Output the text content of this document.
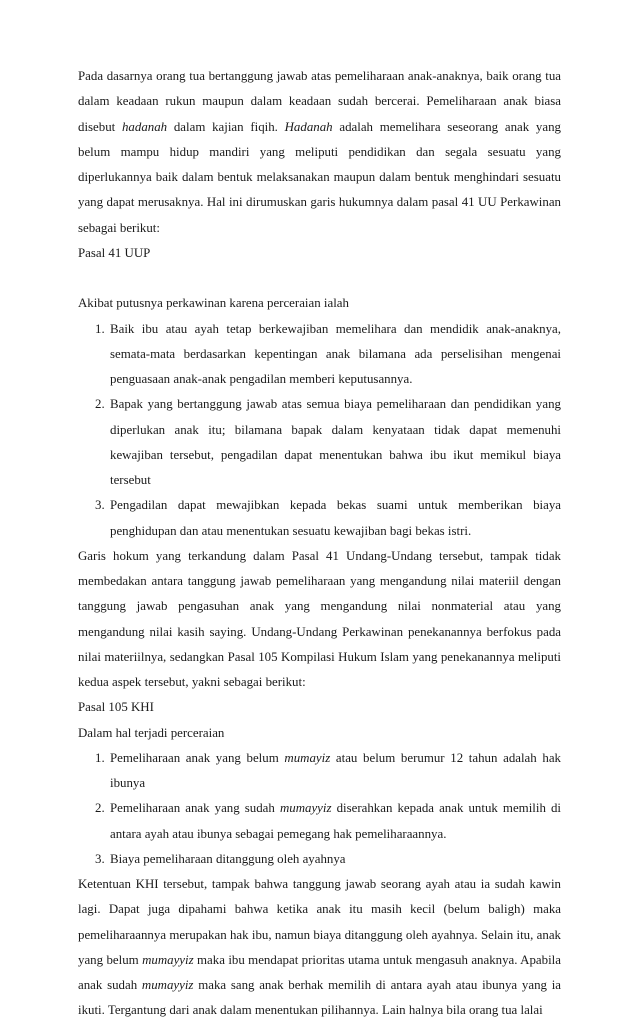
Pada dasarnya orang tua bertanggung jawab atas pemeliharaan anak-anaknya, baik orang tua dalam keadaan rukun maupun dalam keadaan sudah bercerai. Pemeliharaan anak biasa disebut hadanah dalam kajian fiqih. Hadanah adalah memelihara seseorang anak yang belum mampu hidup mandiri yang meliputi pendidikan dan segala sesuatu yang diperlukannya baik dalam bentuk melaksanakan maupun dalam bentuk menghindari sesuatu yang dapat merusaknya. Hal ini dirumuskan garis hukumnya dalam pasal 41 UU Perkawinan sebagai berikut:

Pasal 41 UUP

Akibat putusnya perkawinan karena perceraian ialah

1. Baik ibu atau ayah tetap berkewajiban memelihara dan mendidik anak-anaknya, semata-mata berdasarkan kepentingan anak bilamana ada perselisihan mengenai penguasaan anak-anak pengadilan memberi keputusannya.
2. Bapak yang bertanggung jawab atas semua biaya pemeliharaan dan pendidikan yang diperlukan anak itu; bilamana bapak dalam kenyataan tidak dapat memenuhi kewajiban tersebut, pengadilan dapat menentukan bahwa ibu ikut memikul biaya tersebut
3. Pengadilan dapat mewajibkan kepada bekas suami untuk memberikan biaya penghidupan dan atau menentukan sesuatu kewajiban bagi bekas istri.

Garis hokum yang terkandung dalam Pasal 41 Undang-Undang tersebut, tampak tidak membedakan antara tanggung jawab pemeliharaan yang mengandung nilai materiil dengan tanggung jawab pengasuhan anak yang mengandung nilai nonmaterial atau yang mengandung nilai kasih saying. Undang-Undang Perkawinan penekanannya berfokus pada nilai materiilnya, sedangkan Pasal 105 Kompilasi Hukum Islam yang penekanannya meliputi kedua aspek tersebut, yakni sebagai berikut:

Pasal 105 KHI

Dalam hal terjadi perceraian

1. Pemeliharaan anak yang belum mumayiz atau belum berumur 12 tahun adalah hak ibunya
2. Pemeliharaan anak yang sudah mumayyiz diserahkan kepada anak untuk memilih di antara ayah atau ibunya sebagai pemegang hak pemeliharaannya.
3. Biaya pemeliharaan ditanggung oleh ayahnya

Ketentuan KHI tersebut, tampak bahwa tanggung jawab seorang ayah atau ia sudah kawin lagi. Dapat juga dipahami bahwa ketika anak itu masih kecil (belum baligh) maka pemeliharaannya merupakan hak ibu, namun biaya ditanggung oleh ayahnya. Selain itu, anak yang belum mumayyiz maka ibu mendapat prioritas utama untuk mengasuh anaknya. Apabila anak sudah mumayyiz maka sang anak berhak memilih di antara ayah atau ibunya yang ia ikuti. Tergantung dari anak dalam menentukan pilihannya. Lain halnya bila orang tua lalai
